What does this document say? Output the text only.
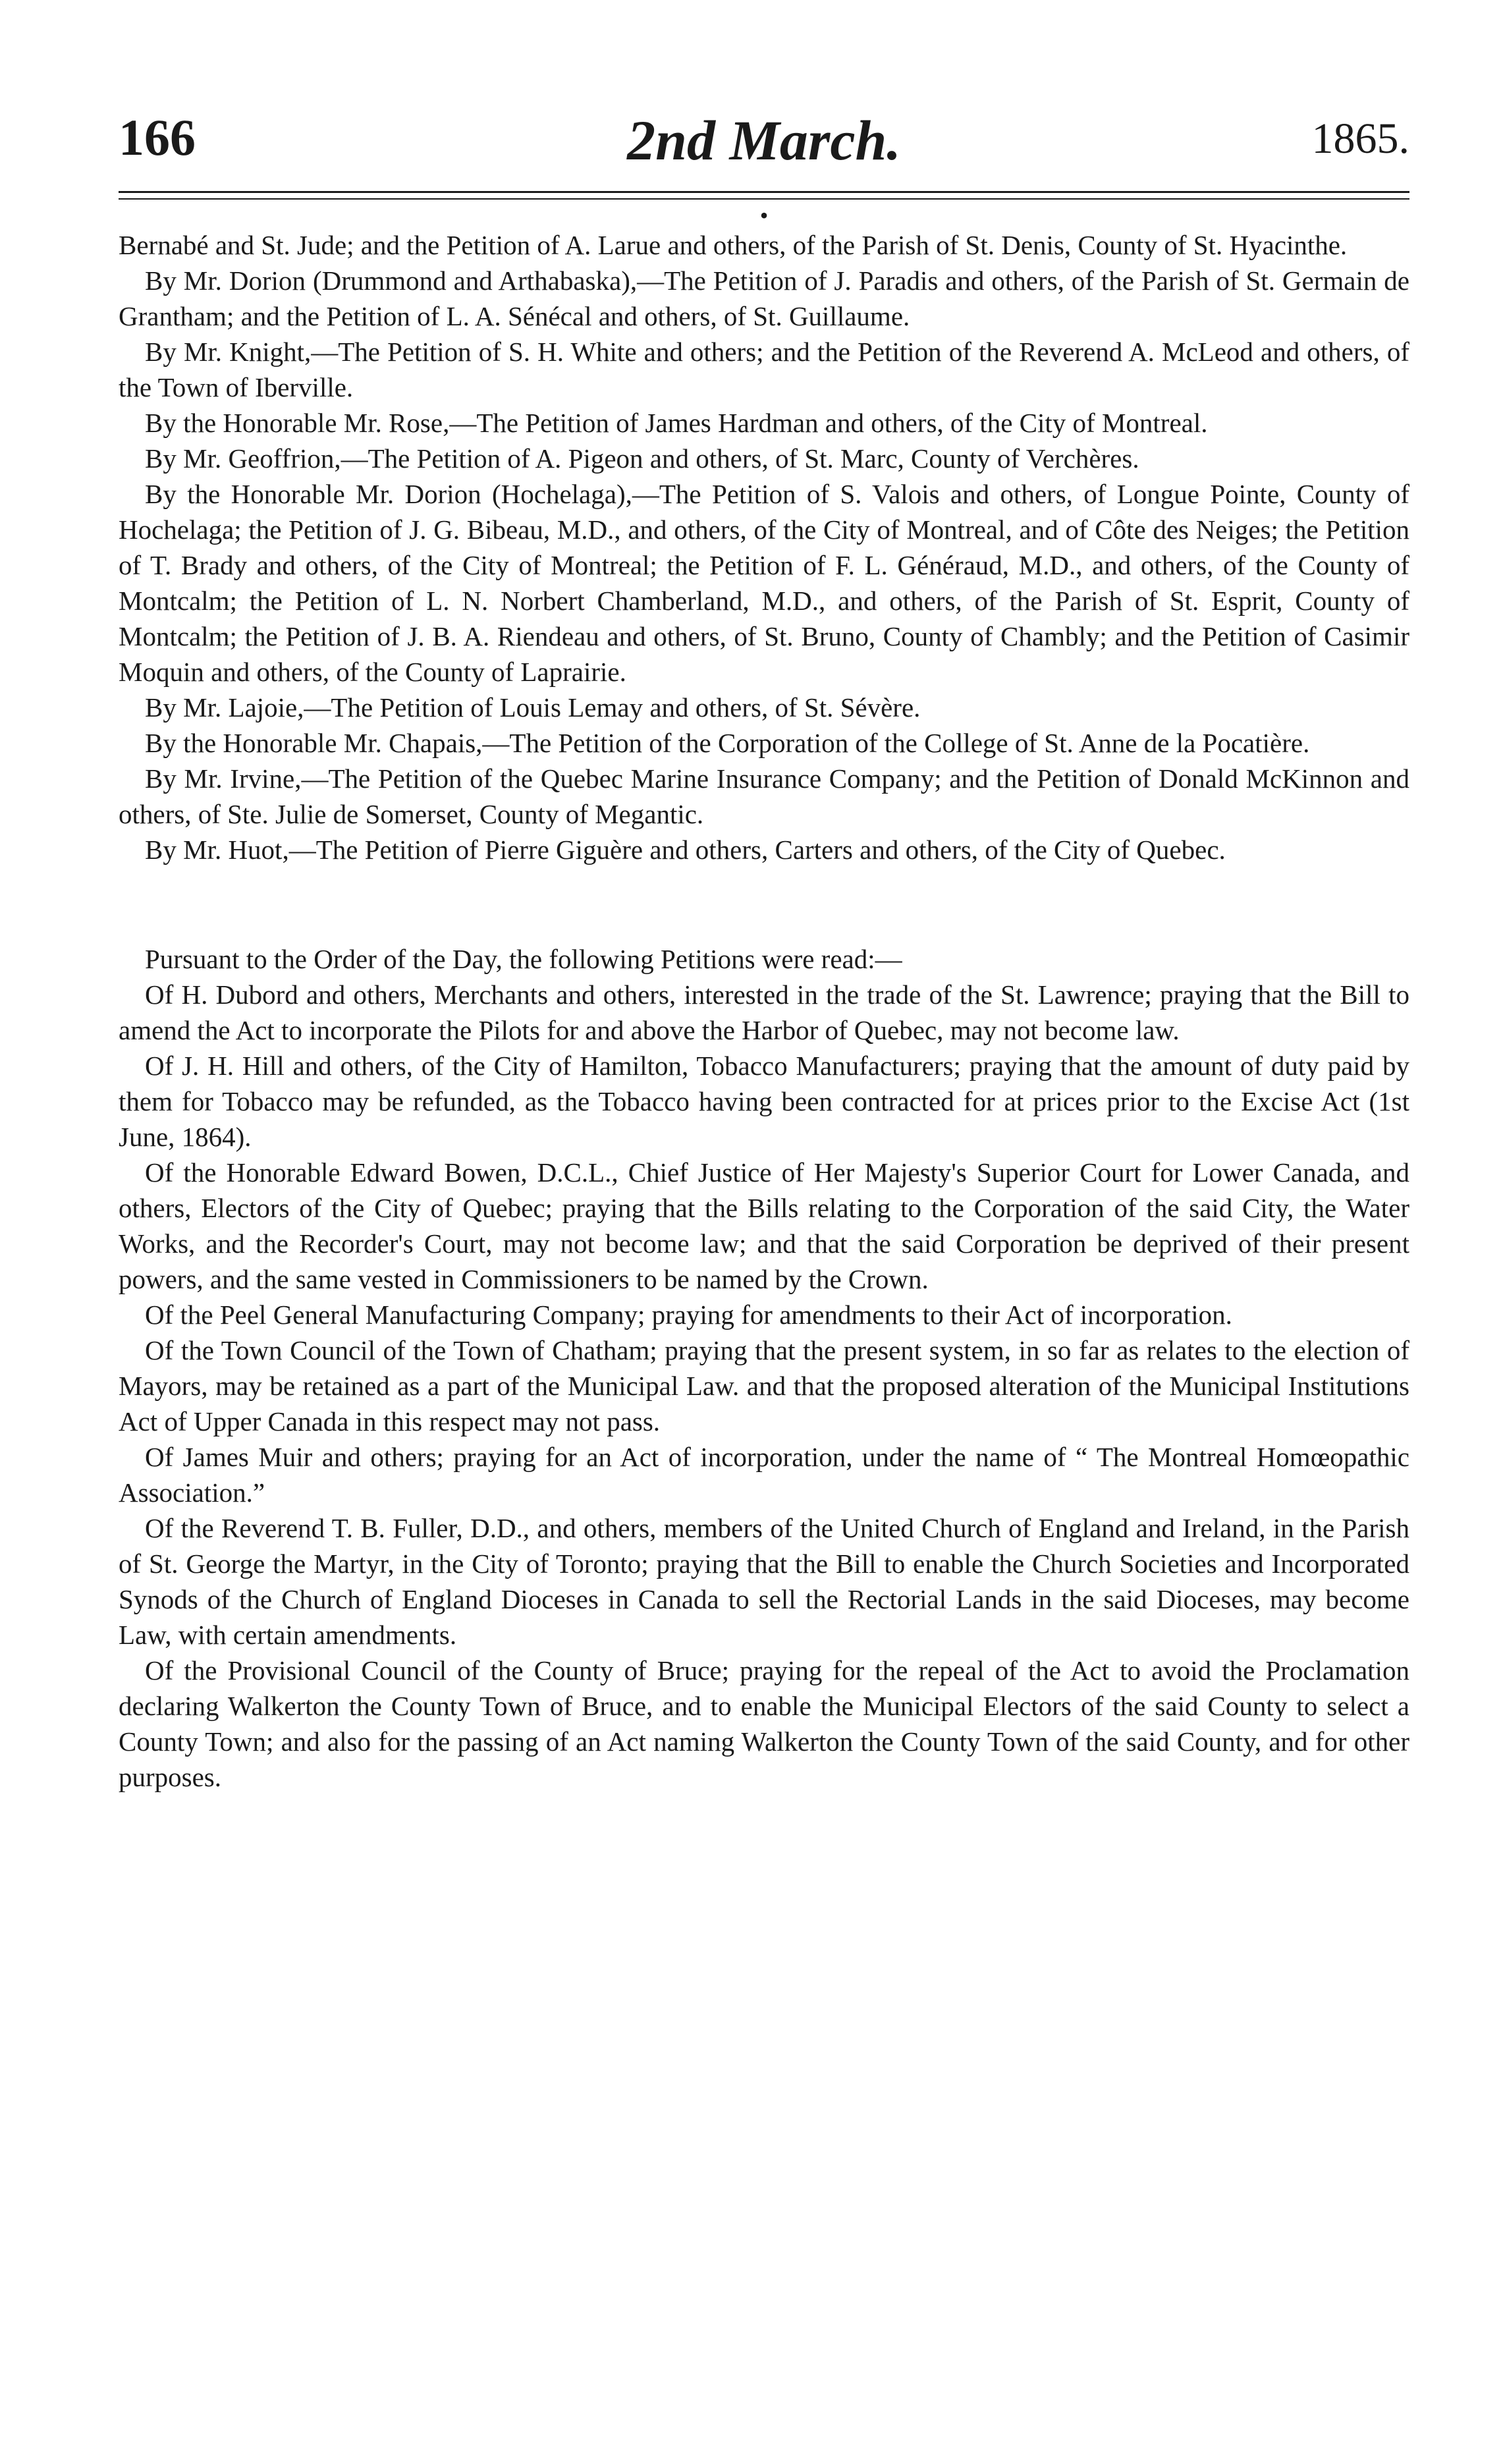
166	2nd March.	1865.
•

Bernabé and St. Jude; and the Petition of A. Larue and others, of the Parish of St. Denis, County of St. Hyacinthe.

By Mr. Dorion (Drummond and Arthabaska),—The Petition of J. Paradis and others, of the Parish of St. Germain de Grantham; and the Petition of L. A. Sénécal and others, of St. Guillaume.

By Mr. Knight,—The Petition of S. H. White and others; and the Petition of the Reverend A. McLeod and others, of the Town of Iberville.

By the Honorable Mr. Rose,—The Petition of James Hardman and others, of the City of Montreal.

By Mr. Geoffrion,—The Petition of A. Pigeon and others, of St. Marc, County of Verchères.

By the Honorable Mr. Dorion (Hochelaga),—The Petition of S. Valois and others, of Longue Pointe, County of Hochelaga; the Petition of J. G. Bibeau, M.D., and others, of the City of Montreal, and of Côte des Neiges; the Petition of T. Brady and others, of the City of Montreal; the Petition of F. L. Généraud, M.D., and others, of the County of Montcalm; the Petition of L. N. Norbert Chamberland, M.D., and others, of the Parish of St. Esprit, County of Montcalm; the Petition of J. B. A. Riendeau and others, of St. Bruno, County of Chambly; and the Petition of Casimir Moquin and others, of the County of Laprairie.

By Mr. Lajoie,—The Petition of Louis Lemay and others, of St. Sévère.

By the Honorable Mr. Chapais,—The Petition of the Corporation of the College of St. Anne de la Pocatière.

By Mr. Irvine,—The Petition of the Quebec Marine Insurance Company; and the Petition of Donald McKinnon and others, of Ste. Julie de Somerset, County of Megantic.

By Mr. Huot,—The Petition of Pierre Giguère and others, Carters and others, of the City of Quebec.

Pursuant to the Order of the Day, the following Petitions were read:—

Of H. Dubord and others, Merchants and others, interested in the trade of the St. Lawrence; praying that the Bill to amend the Act to incorporate the Pilots for and above the Harbor of Quebec, may not become law.

Of J. H. Hill and others, of the City of Hamilton, Tobacco Manufacturers; praying that the amount of duty paid by them for Tobacco may be refunded, as the Tobacco having been contracted for at prices prior to the Excise Act (1st June, 1864).

Of the Honorable Edward Bowen, D.C.L., Chief Justice of Her Majesty's Superior Court for Lower Canada, and others, Electors of the City of Quebec; praying that the Bills relating to the Corporation of the said City, the Water Works, and the Recorder's Court, may not become law; and that the said Corporation be deprived of their present powers, and the same vested in Commissioners to be named by the Crown.

Of the Peel General Manufacturing Company; praying for amendments to their Act of incorporation.

Of the Town Council of the Town of Chatham; praying that the present system, in so far as relates to the election of Mayors, may be retained as a part of the Municipal Law. and that the proposed alteration of the Municipal Institutions Act of Upper Canada in this respect may not pass.

Of James Muir and others; praying for an Act of incorporation, under the name of “ The Montreal Homœopathic Association.”

Of the Reverend T. B. Fuller, D.D., and others, members of the United Church of England and Ireland, in the Parish of St. George the Martyr, in the City of Toronto; praying that the Bill to enable the Church Societies and Incorporated Synods of the Church of England Dioceses in Canada to sell the Rectorial Lands in the said Dioceses, may become Law, with certain amendments.

Of the Provisional Council of the County of Bruce; praying for the repeal of the Act to avoid the Proclamation declaring Walkerton the County Town of Bruce, and to enable the Municipal Electors of the said County to select a County Town; and also for the passing of an Act naming Walkerton the County Town of the said County, and for other purposes.
